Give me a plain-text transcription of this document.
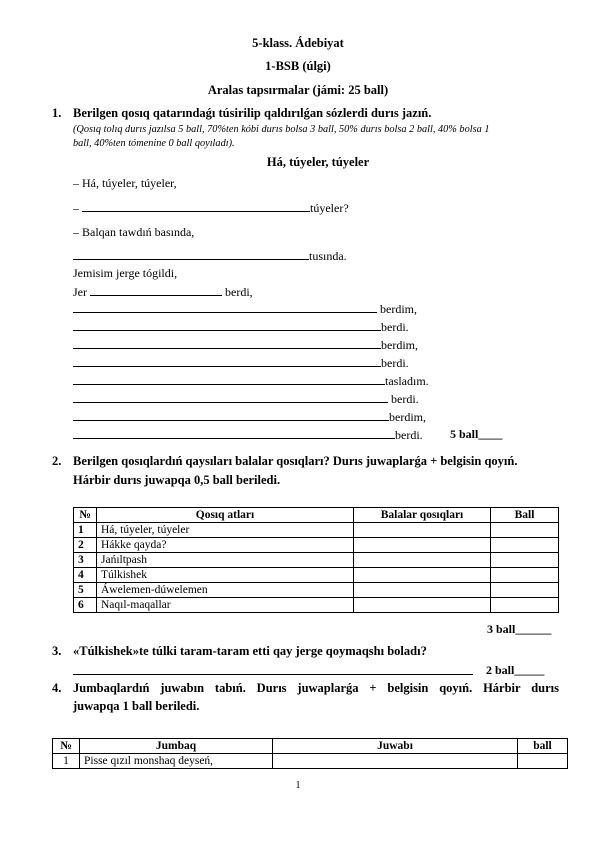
5-klass. Ádebiyat
1-BSB (úlgi)
Aralas tapsırmalar (jámi: 25 ball)
1. Berilgen qosıq qatarındaǵı túsirilip qaldırılǵan sózlerdi durıs jazıń.
(Qosıq tolıq durıs jazılsa 5 ball, 70%ten kóbi durıs bolsa 3 ball, 50% durıs bolsa 2 ball, 40% bolsa 1
ball, 40%ten tómenine 0 ball qoyıladı).
Há, túyeler, túyeler
– Há, túyeler, túyeler,
–	túyeler?
– Balqan tawdıń basında,
tusında.
Jemisim jerge tógildi,
Jer	berdi,
berdim,
berdi.
berdim,
berdi.
tasladım.
berdi.
berdim,
berdi. 5 ball____
2. Berilgen qosıqlardıń qaysıları balalar qosıqları? Durıs juwaplarǵa + belgisin qoyıń.
Hárbir durıs juwapqa 0,5 ball beriledi.
№	Qosıq atları	Balalar qosıqları	Ball
1	Há, túyeler, túyeler		
2	Hákke qayda?		
3	Jańıltpash		
4	Túlkishek		
5	Áwelemen-dúwelemen		
6	Naqıl-maqallar		
3 ball______
3. «Túlkishek»te túlki taram-taram etti qay jerge qoymaqshı boladı?
2 ball_____
4. Jumbaqlardıń juwabın tabıń. Durıs juwaplarǵa + belgisin qoyıń. Hárbir durıs
juwapqa 1 ball beriledi.
№	Jumbaq	Juwabı	ball
1	Pisse qızıl monshaq deyseń,		
1
